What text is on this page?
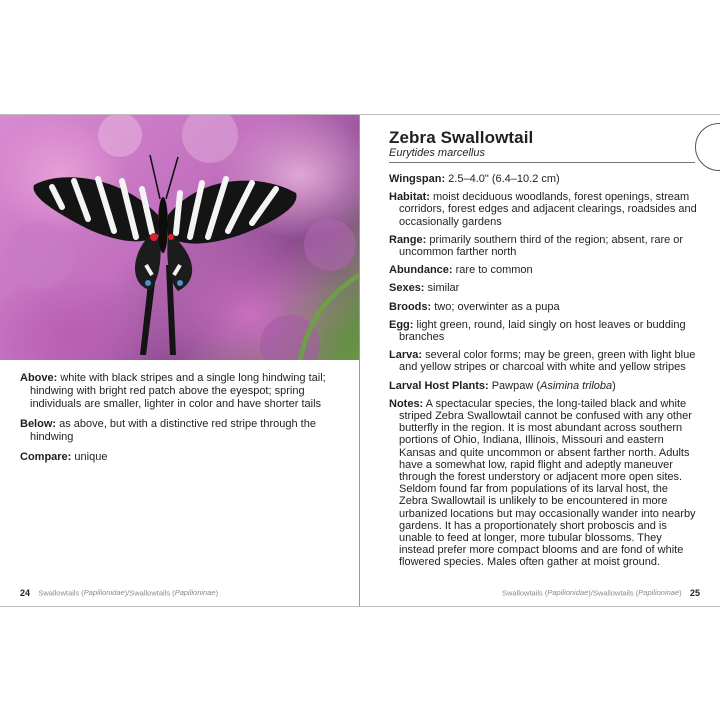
Above: white with black stripes and a single long hindwing tail; hindwing with bright red patch above the eyespot; spring individuals are smaller, lighter in color and have shorter tails
Below: as above, but with a distinctive red stripe through the hindwing
Compare: unique
24 Swallowtails (Papilionidae)/Swallowtails (Papilioninae)
Zebra Swallowtail
Eurytides marcellus
Wingspan: 2.5–4.0" (6.4–10.2 cm)
Habitat: moist deciduous woodlands, forest openings, stream corridors, forest edges and adjacent clearings, roadsides and occasionally gardens
Range: primarily southern third of the region; absent, rare or uncommon farther north
Abundance: rare to common
Sexes: similar
Broods: two; overwinter as a pupa
Egg: light green, round, laid singly on host leaves or budding branches
Larva: several color forms; may be green, green with light blue and yellow stripes or charcoal with white and yellow stripes
Larval Host Plants: Pawpaw (Asimina triloba)
Notes: A spectacular species, the long-tailed black and white striped Zebra Swallowtail cannot be confused with any other butterfly in the region. It is most abundant across southern portions of Ohio, Indiana, Illinois, Missouri and eastern Kansas and quite uncommon or absent farther north. Adults have a somewhat low, rapid flight and adeptly maneuver through the forest understory or adjacent more open sites. Seldom found far from populations of its larval host, the Zebra Swallowtail is unlikely to be encountered in more urbanized locations but may occasionally wander into nearby gardens. It has a proportionately short proboscis and is unable to feed at longer, more tubular blossoms. They instead prefer more compact blooms and are fond of white flowered species. Males often gather at moist ground.
Swallowtails (Papilionidae)/Swallowtails (Papilioninae) 25
